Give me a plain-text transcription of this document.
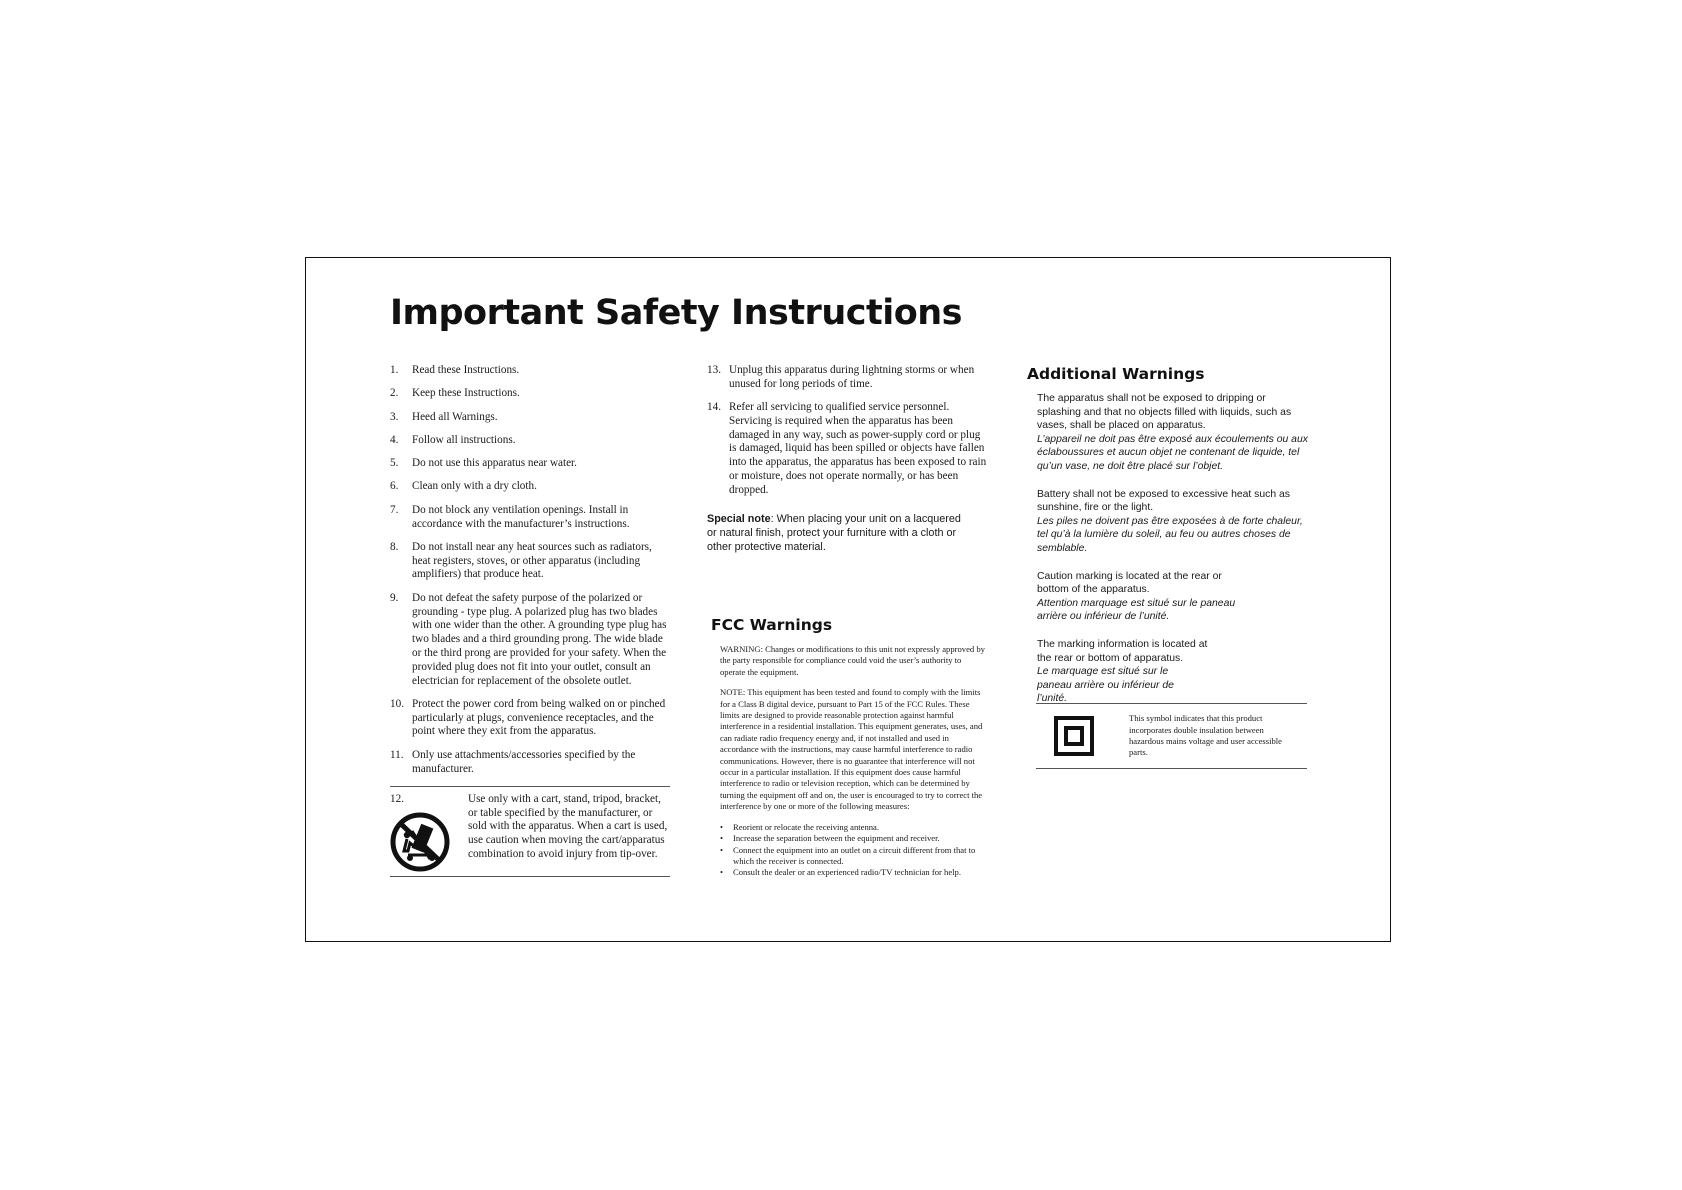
Important Safety Instructions
1.	Read these Instructions.
2.	Keep these Instructions.
3.	Heed all Warnings.
4.	Follow all instructions.
5.	Do not use this apparatus near water.
6.	Clean only with a dry cloth.
7.	Do not block any ventilation openings. Install in accordance with the manufacturer’s instructions.
8.	Do not install near any heat sources such as radiators, heat registers, stoves, or other apparatus (including amplifiers) that produce heat.
9.	Do not defeat the safety purpose of the polarized or grounding - type plug. A polarized plug has two blades with one wider than the other. A grounding type plug has two blades and a third grounding prong. The wide blade or the third prong are provided for your safety. When the provided plug does not fit into your outlet, consult an electrician for replacement of the obsolete outlet.
10. Protect the power cord from being walked on or pinched particularly at plugs, convenience receptacles, and the point where they exit from the apparatus.
11. Only use attachments/accessories specified by the manufacturer.
12.	Use only with a cart, stand, tripod, bracket, or table specified by the manufacturer, or sold with the apparatus. When a cart is used, use caution when moving the cart/apparatus combination to avoid injury from tip-over.
13. Unplug this apparatus during lightning storms or when unused for long periods of time.
14. Refer all servicing to qualified service personnel. Servicing is required when the apparatus has been damaged in any way, such as power-supply cord or plug is damaged, liquid has been spilled or objects have fallen into the apparatus, the apparatus has been exposed to rain or moisture, does not operate normally, or has been dropped.
Special note: When placing your unit on a lacquered or natural finish, protect your furniture with a cloth or other protective material.
FCC Warnings

WARNING: Changes or modifications to this unit not expressly approved by the party responsible for compliance could void the user’s authority to operate the equipment.

NOTE: This equipment has been tested and found to comply with the limits for a Class B digital device, pursuant to Part 15 of the FCC Rules. These limits are designed to provide reasonable protection against harmful interference in a residential installation. This equipment generates, uses, and can radiate radio frequency energy and, if not installed and used in accordance with the instructions, may cause harmful interference to radio communications. However, there is no guarantee that interference will not occur in a particular installation. If this equipment does cause harmful interference to radio or television reception, which can be determined by turning the equipment off and on, the user is encouraged to try to correct the interference by one or more of the following measures:

•	Reorient or relocate the receiving antenna.
•	Increase the separation between the equipment and receiver.
•	Connect the equipment into an outlet on a circuit different from that to which the receiver is connected.
•	Consult the dealer or an experienced radio/TV technician for help.
Additional Warnings

The apparatus shall not be exposed to dripping or splashing and that no objects filled with liquids, such as vases, shall be placed on apparatus.
L’appareil ne doit pas être exposé aux écoulements ou aux éclaboussures et aucun objet ne contenant de liquide, tel qu’un vase, ne doit être placé sur l’objet.

Battery shall not be exposed to excessive heat such as sunshine, fire or the light.
Les piles ne doivent pas être exposées à de forte chaleur, tel qu’à la lumière du soleil, au feu ou autres choses de semblable.

Caution marking is located at the rear or bottom of the apparatus.
Attention marquage est situé sur le paneau arrière ou inférieur de l’unité.

The marking information is located at the rear or bottom of apparatus.
Le marquage est situé sur le paneau arrière ou inférieur de l’unité.

This symbol indicates that this product incorporates double insulation between hazardous mains voltage and user accessible parts.
